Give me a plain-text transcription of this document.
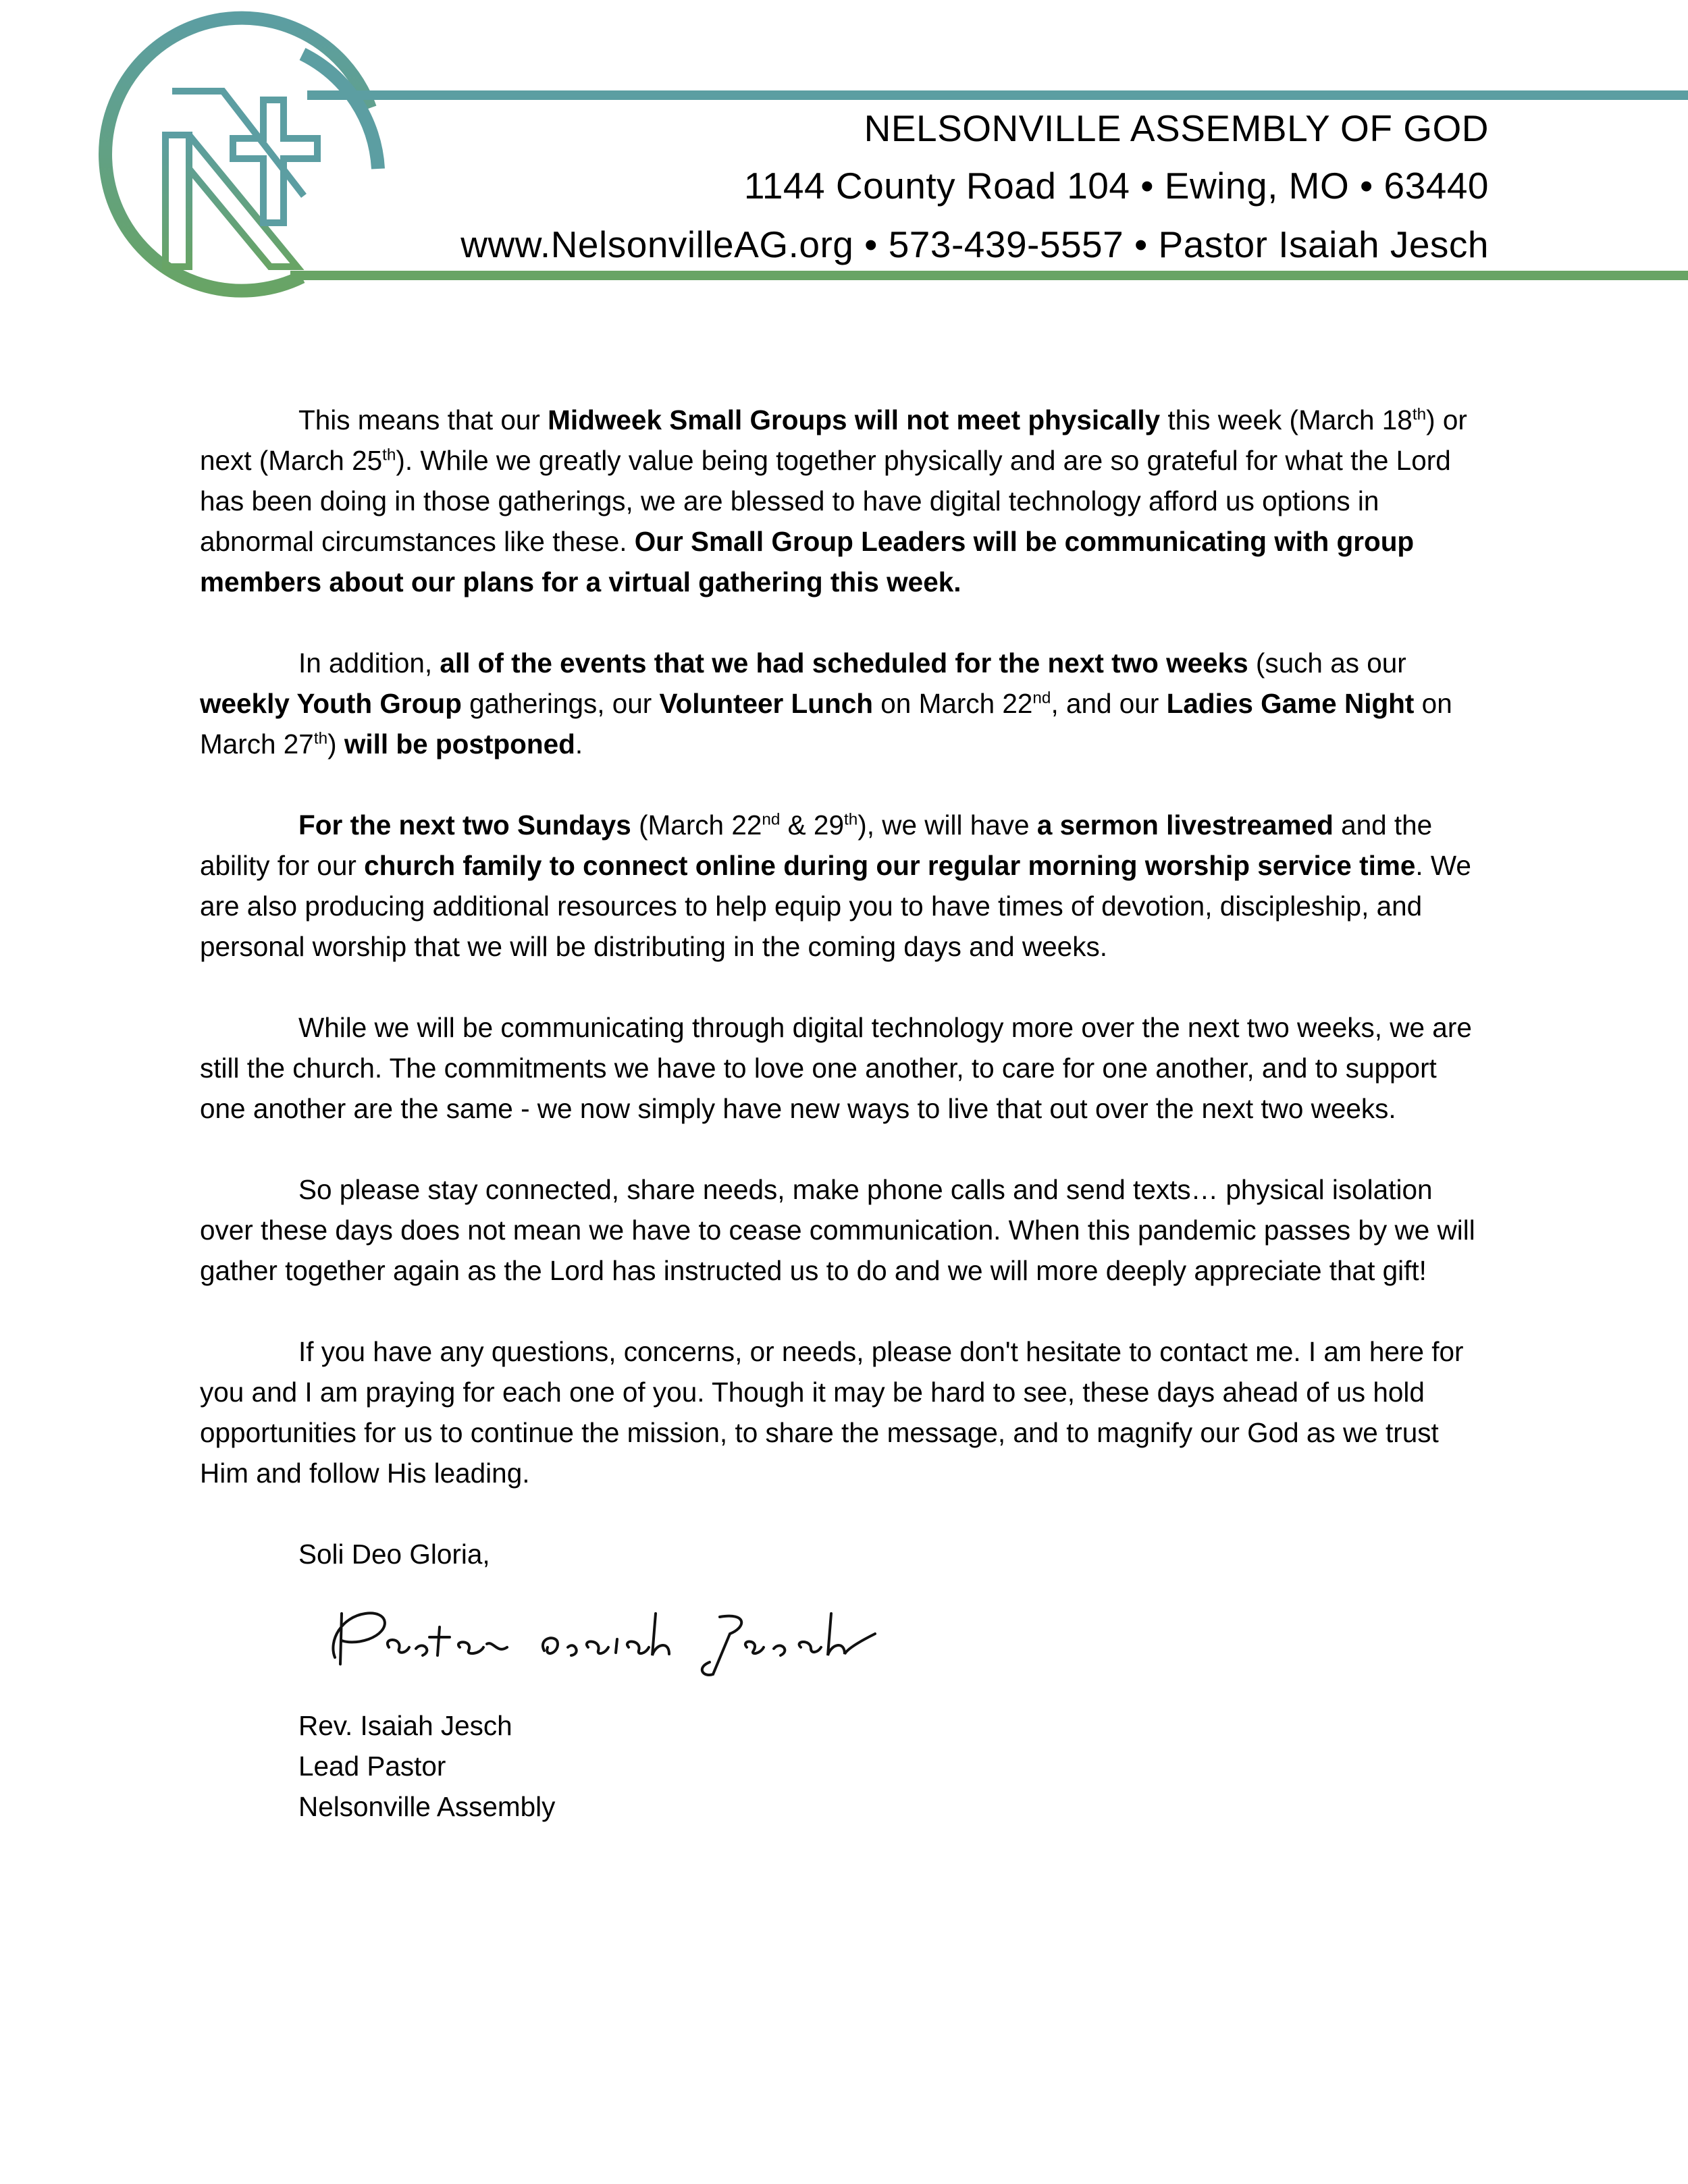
NELSONVILLE ASSEMBLY OF GOD
1144 County Road 104 • Ewing, MO • 63440
www.NelsonvilleAG.org • 573-439-5557 • Pastor Isaiah Jesch

This means that our Midweek Small Groups will not meet physically this week (March 18th) or next (March 25th). While we greatly value being together physically and are so grateful for what the Lord has been doing in those gatherings, we are blessed to have digital technology afford us options in abnormal circumstances like these. Our Small Group Leaders will be communicating with group members about our plans for a virtual gathering this week.

In addition, all of the events that we had scheduled for the next two weeks (such as our weekly Youth Group gatherings, our Volunteer Lunch on March 22nd, and our Ladies Game Night on March 27th) will be postponed.

For the next two Sundays (March 22nd & 29th), we will have a sermon livestreamed and the ability for our church family to connect online during our regular morning worship service time. We are also producing additional resources to help equip you to have times of devotion, discipleship, and personal worship that we will be distributing in the coming days and weeks.

While we will be communicating through digital technology more over the next two weeks, we are still the church. The commitments we have to love one another, to care for one another, and to support one another are the same - we now simply have new ways to live that out over the next two weeks.

So please stay connected, share needs, make phone calls and send texts… physical isolation over these days does not mean we have to cease communication. When this pandemic passes by we will gather together again as the Lord has instructed us to do and we will more deeply appreciate that gift!

If you have any questions, concerns, or needs, please don't hesitate to contact me. I am here for you and I am praying for each one of you. Though it may be hard to see, these days ahead of us hold opportunities for us to continue the mission, to share the message, and to magnify our God as we trust Him and follow His leading.

Soli Deo Gloria,

Rev. Isaiah Jesch
Lead Pastor
Nelsonville Assembly
